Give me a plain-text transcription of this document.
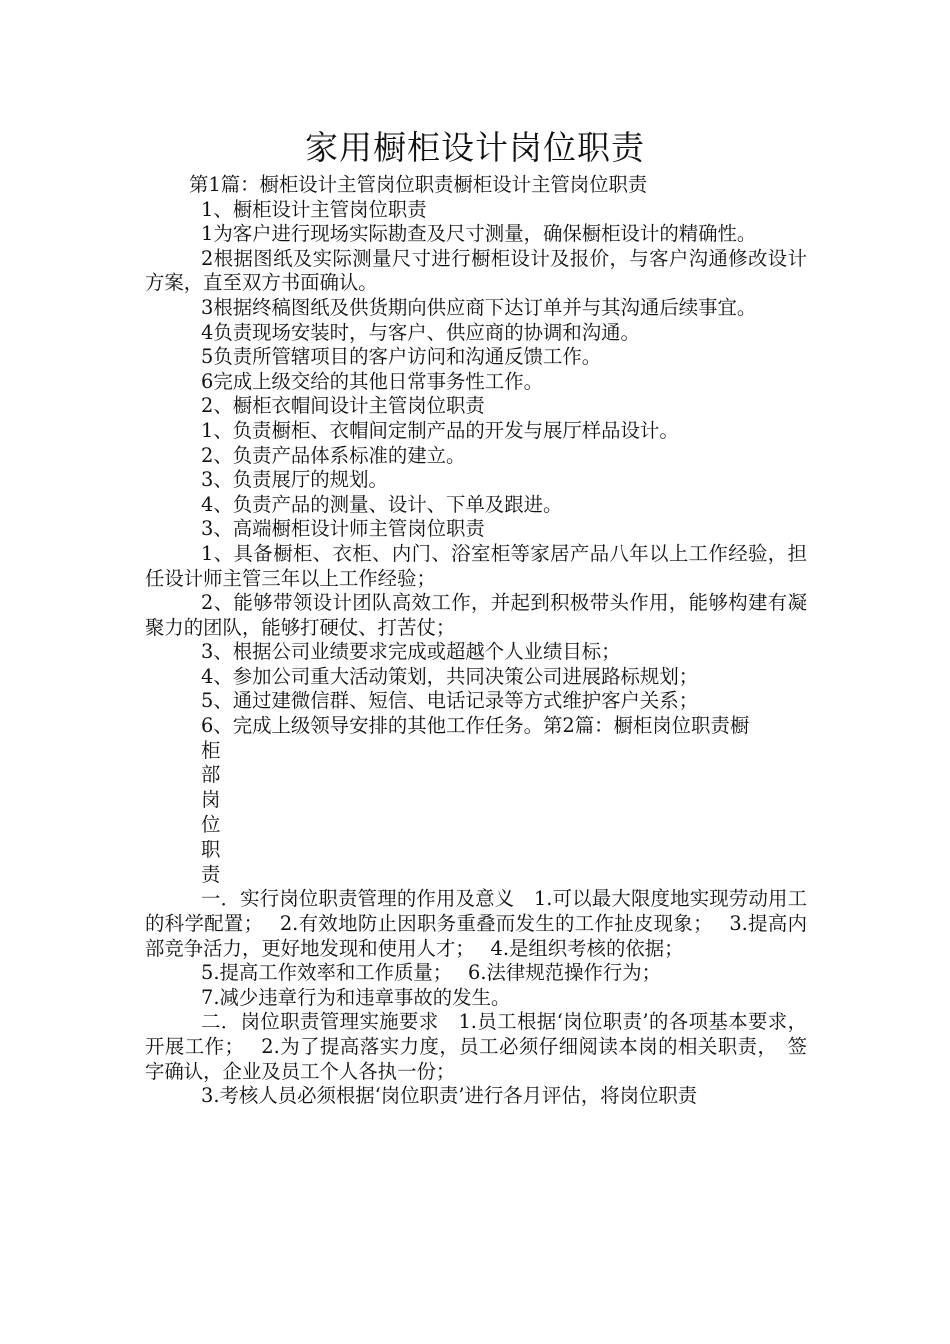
家用橱柜设计岗位职责

第1篇：橱柜设计主管岗位职责橱柜设计主管岗位职责

1、橱柜设计主管岗位职责

1为客户进行现场实际勘查及尺寸测量，确保橱柜设计的精确性。

2根据图纸及实际测量尺寸进行橱柜设计及报价，与客户沟通修改设计方案，直至双方书面确认。

3根据终稿图纸及供货期向供应商下达订单并与其沟通后续事宜。

4负责现场安装时，与客户、供应商的协调和沟通。

5负责所管辖项目的客户访问和沟通反馈工作。

6完成上级交给的其他日常事务性工作。

2、橱柜衣帽间设计主管岗位职责

1、负责橱柜、衣帽间定制产品的开发与展厅样品设计。

2、负责产品体系标准的建立。

3、负责展厅的规划。

4、负责产品的测量、设计、下单及跟进。

3、高端橱柜设计师主管岗位职责

1、具备橱柜、衣柜、内门、浴室柜等家居产品八年以上工作经验，担任设计师主管三年以上工作经验；

2、能够带领设计团队高效工作，并起到积极带头作用，能够构建有凝聚力的团队，能够打硬仗、打苦仗；

3、根据公司业绩要求完成或超越个人业绩目标；

4、参加公司重大活动策划，共同决策公司进展路标规划；

5、通过建微信群、短信、电话记录等方式维护客户关系；

6、完成上级领导安排的其他工作任务。第2篇：橱柜岗位职责橱

柜

部

岗

位

职

责

一．实行岗位职责管理的作用及意义　1.可以最大限度地实现劳动用工的科学配置；　 2.有效地防止因职务重叠而发生的工作扯皮现象；　 3.提高内部竞争活力，更好地发现和使用人才；　 4.是组织考核的依据；

5.提高工作效率和工作质量；　 6.法律规范操作行为；

7.减少违章行为和违章事故的发生。

二．岗位职责管理实施要求　1.员工根据‘岗位职责’的各项基本要求，开展工作；　 2.为了提高落实力度，员工必须仔细阅读本岗的相关职责，　签 字确认，企业及员工个人各执一份；

3.考核人员必须根据‘岗位职责’进行各月评估，将岗位职责
